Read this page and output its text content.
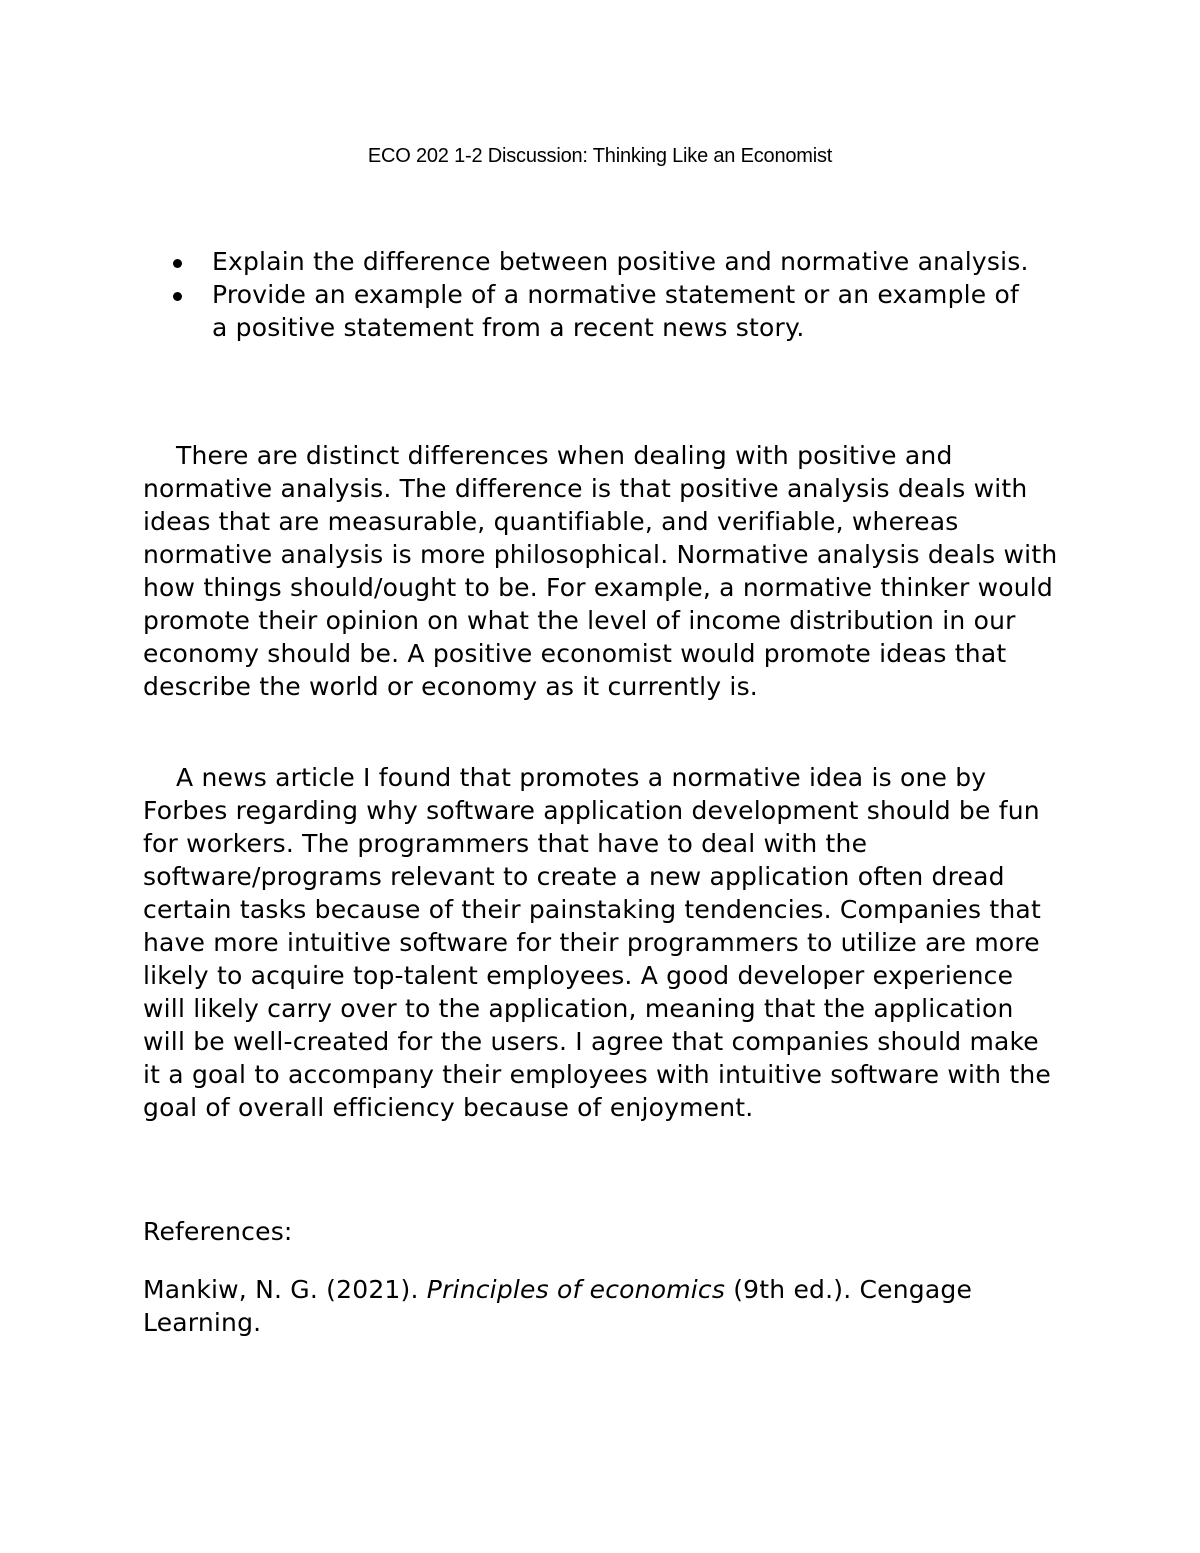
ECO 202 1-2 Discussion: Thinking Like an Economist
Explain the difference between positive and normative analysis.
Provide an example of a normative statement or an example of a positive statement from a recent news story.

There are distinct differences when dealing with positive and normative analysis. The difference is that positive analysis deals with ideas that are measurable, quantifiable, and verifiable, whereas normative analysis is more philosophical. Normative analysis deals with how things should/ought to be. For example, a normative thinker would promote their opinion on what the level of income distribution in our economy should be. A positive economist would promote ideas that describe the world or economy as it currently is.

A news article I found that promotes a normative idea is one by Forbes regarding why software application development should be fun for workers. The programmers that have to deal with the software/programs relevant to create a new application often dread certain tasks because of their painstaking tendencies. Companies that have more intuitive software for their programmers to utilize are more likely to acquire top-talent employees. A good developer experience will likely carry over to the application, meaning that the application will be well-created for the users. I agree that companies should make it a goal to accompany their employees with intuitive software with the goal of overall efficiency because of enjoyment.

References:

Mankiw, N. G. (2021). Principles of economics (9th ed.). Cengage Learning.
